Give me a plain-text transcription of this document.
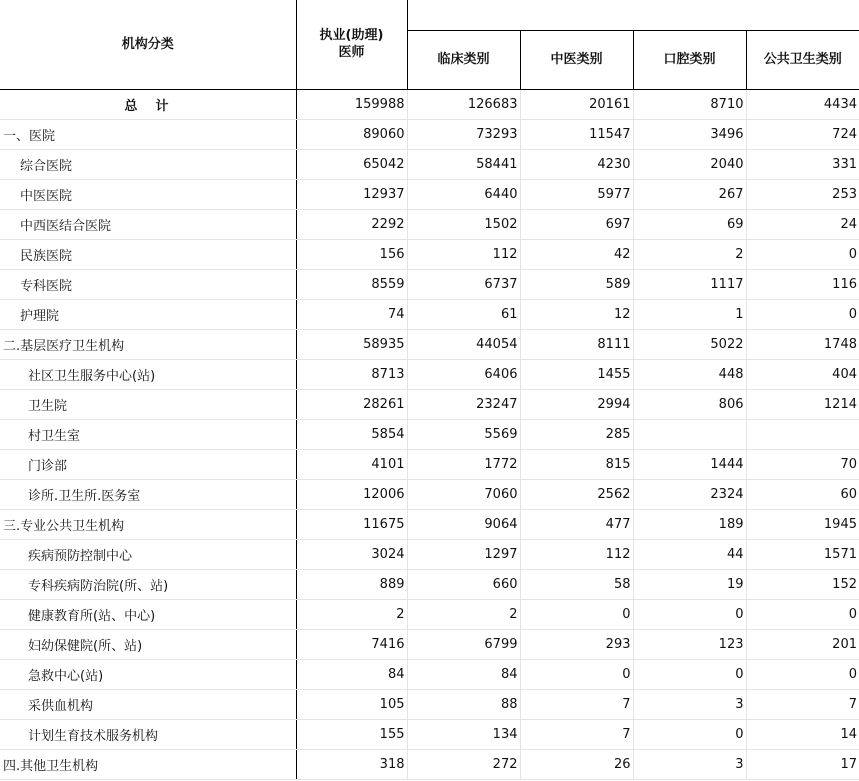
机构分类	执业(助理)
医师				

		临床类别	中医类别	口腔类别	公共卫生类别
总　计	159988	126683	20161	8710	4434
一、医院	89060	73293	11547	3496	724
综合医院	65042	58441	4230	2040	331
中医医院	12937	6440	5977	267	253
中西医结合医院	2292	1502	697	69	24
民族医院	156	112	42	2	0
专科医院	8559	6737	589	1117	116
护理院	74	61	12	1	0
二.基层医疗卫生机构	58935	44054	8111	5022	1748
社区卫生服务中心(站)	8713	6406	1455	448	404
卫生院	28261	23247	2994	806	1214
村卫生室	5854	5569	285		
门诊部	4101	1772	815	1444	70
诊所.卫生所.医务室	12006	7060	2562	2324	60
三.专业公共卫生机构	11675	9064	477	189	1945
疾病预防控制中心	3024	1297	112	44	1571
专科疾病防治院(所、站)	889	660	58	19	152
健康教育所(站、中心)	2	2	0	0	0
妇幼保健院(所、站)	7416	6799	293	123	201
急救中心(站)	84	84	0	0	0
采供血机构	105	88	7	3	7
计划生育技术服务机构	155	134	7	0	14
四.其他卫生机构	318	272	26	3	17
